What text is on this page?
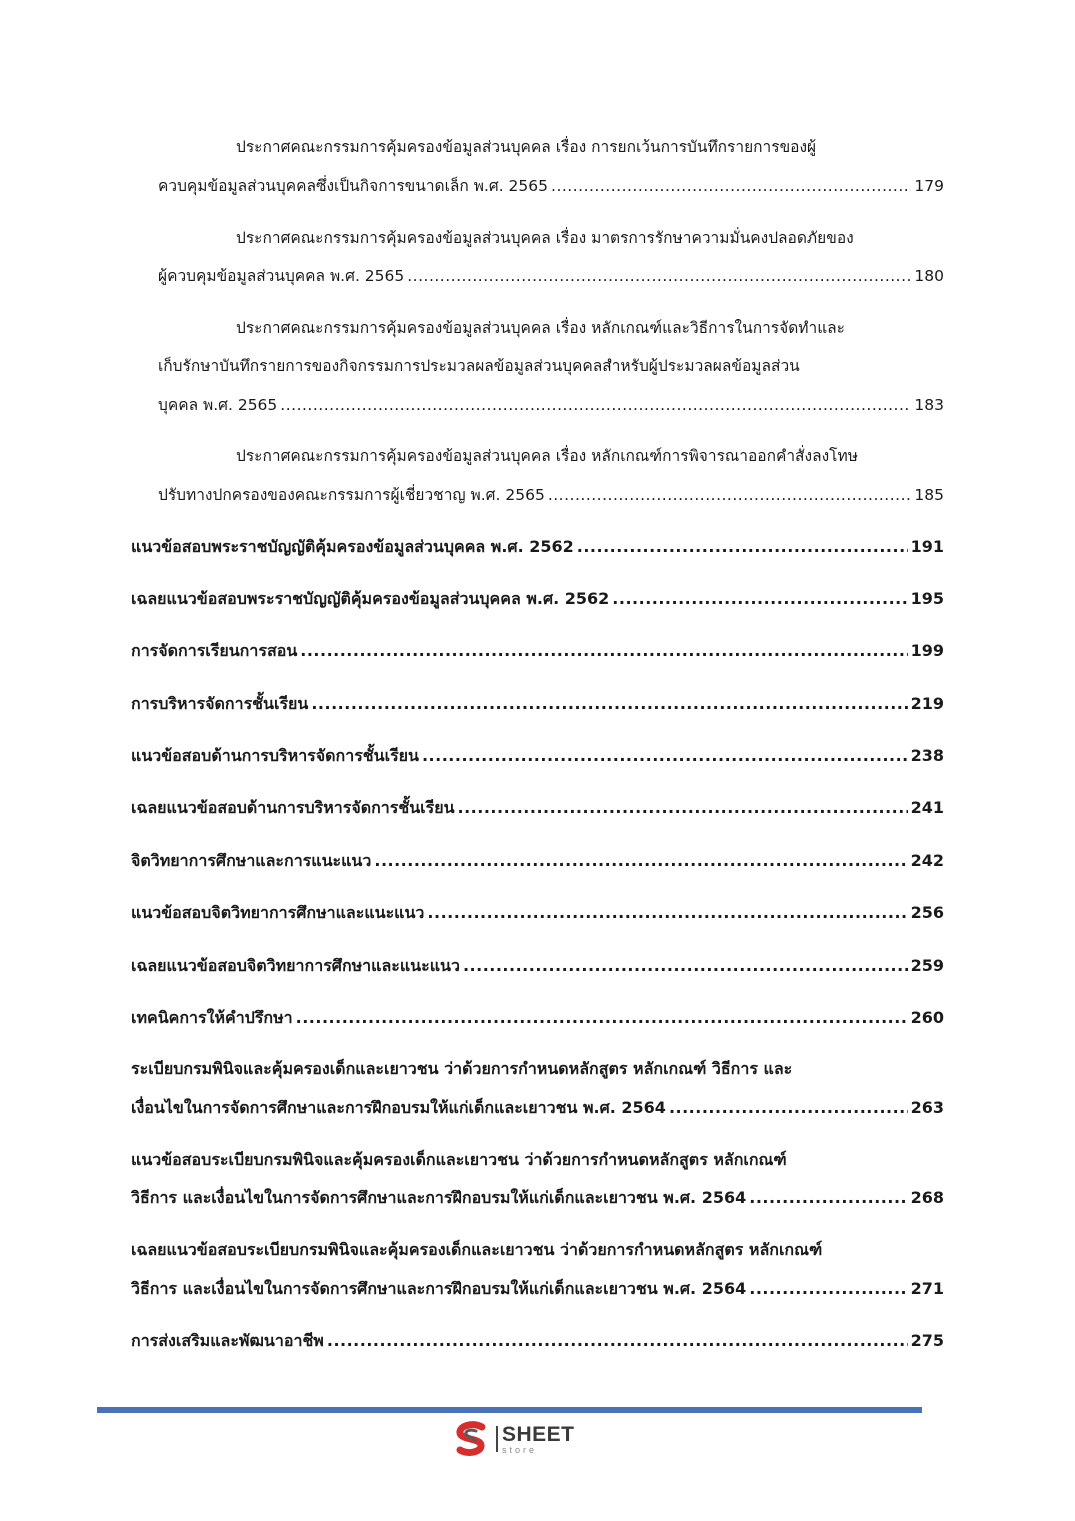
ประกาศคณะกรรมการคุ้มครองข้อมูลส่วนบุคคล เรื่อง การยกเว้นการบันทึกรายการของผู้
ควบคุมข้อมูลส่วนบุคคลซึ่งเป็นกิจการขนาดเล็ก พ.ศ. 2565 .....	179
ประกาศคณะกรรมการคุ้มครองข้อมูลส่วนบุคคล เรื่อง มาตรการรักษาความมั่นคงปลอดภัยของ
ผู้ควบคุมข้อมูลส่วนบุคคล พ.ศ. 2565 .....	180
ประกาศคณะกรรมการคุ้มครองข้อมูลส่วนบุคคล เรื่อง หลักเกณฑ์และวิธีการในการจัดทำและ
เก็บรักษาบันทึกรายการของกิจกรรมการประมวลผลข้อมูลส่วนบุคคลสำหรับผู้ประมวลผลข้อมูลส่วน
บุคคล พ.ศ. 2565 .....	183
ประกาศคณะกรรมการคุ้มครองข้อมูลส่วนบุคคล เรื่อง หลักเกณฑ์การพิจารณาออกคำสั่งลงโทษ
ปรับทางปกครองของคณะกรรมการผู้เชี่ยวชาญ พ.ศ. 2565 .....	185
แนวข้อสอบพระราชบัญญัติคุ้มครองข้อมูลส่วนบุคคล พ.ศ. 2562 .....	191
เฉลยแนวข้อสอบพระราชบัญญัติคุ้มครองข้อมูลส่วนบุคคล พ.ศ. 2562 .....	195
การจัดการเรียนการสอน .....	199
การบริหารจัดการชั้นเรียน .....	219
แนวข้อสอบด้านการบริหารจัดการชั้นเรียน .....	238
เฉลยแนวข้อสอบด้านการบริหารจัดการชั้นเรียน .....	241
จิตวิทยาการศึกษาและการแนะแนว .....	242
แนวข้อสอบจิตวิทยาการศึกษาและแนะแนว .....	256
เฉลยแนวข้อสอบจิตวิทยาการศึกษาและแนะแนว .....	259
เทคนิคการให้คำปรึกษา .....	260
ระเบียบกรมพินิจและคุ้มครองเด็กและเยาวชน ว่าด้วยการกำหนดหลักสูตร หลักเกณฑ์ วิธีการ และ
เงื่อนไขในการจัดการศึกษาและการฝึกอบรมให้แก่เด็กและเยาวชน พ.ศ. 2564 .....	263
แนวข้อสอบระเบียบกรมพินิจและคุ้มครองเด็กและเยาวชน ว่าด้วยการกำหนดหลักสูตร หลักเกณฑ์
วิธีการ และเงื่อนไขในการจัดการศึกษาและการฝึกอบรมให้แก่เด็กและเยาวชน พ.ศ. 2564 .....	268
เฉลยแนวข้อสอบระเบียบกรมพินิจและคุ้มครองเด็กและเยาวชน ว่าด้วยการกำหนดหลักสูตร หลักเกณฑ์
วิธีการ และเงื่อนไขในการจัดการศึกษาและการฝึกอบรมให้แก่เด็กและเยาวชน พ.ศ. 2564 .....	271
การส่งเสริมและพัฒนาอาชีพ .....	275
SHEET
store
